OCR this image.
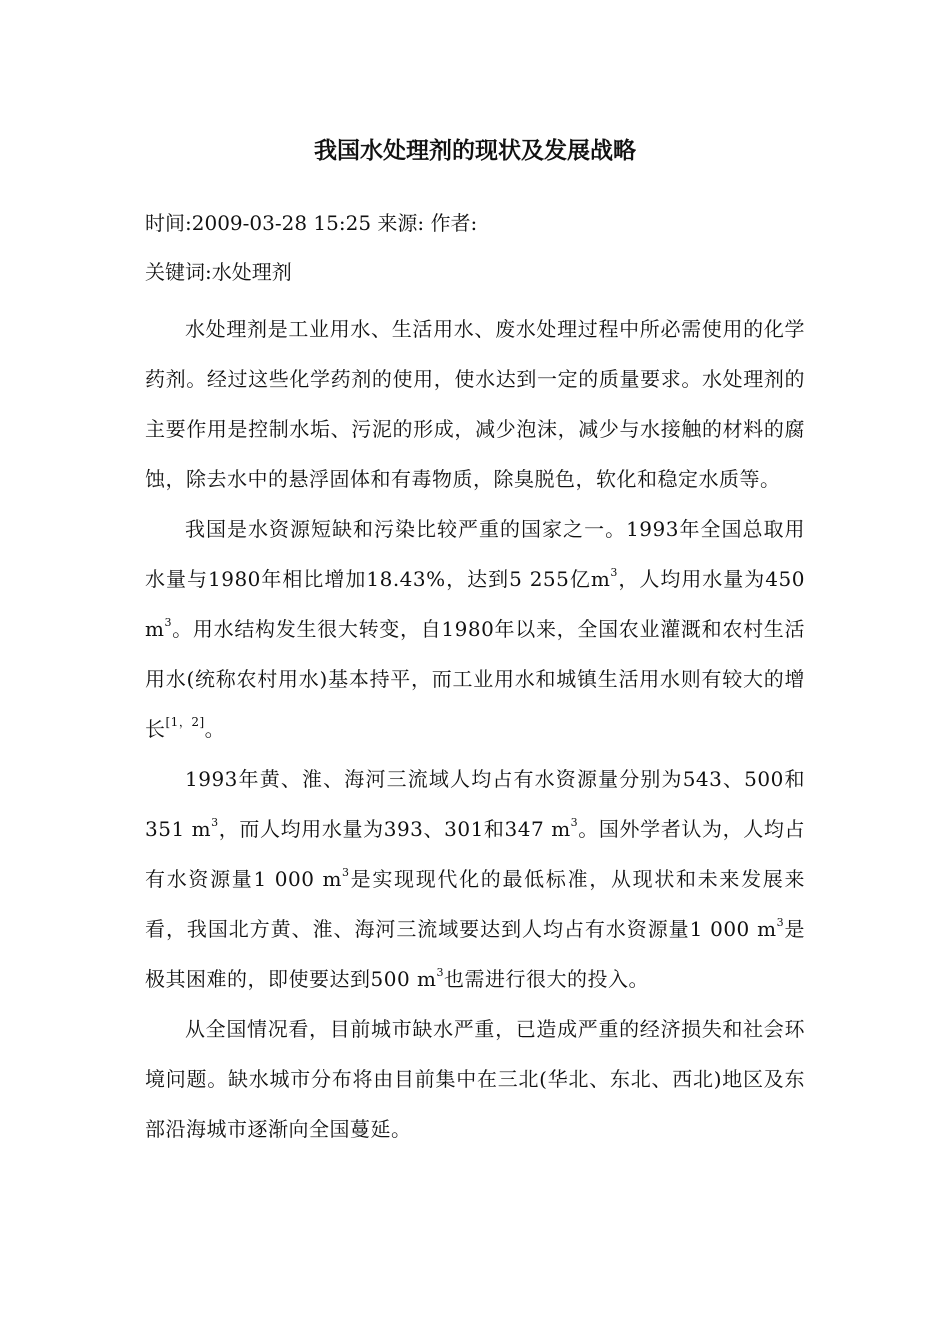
我国水处理剂的现状及发展战略
时间:2009-03-28 15:25 来源: 作者:
关键词:水处理剂

水处理剂是工业用水、生活用水、废水处理过程中所必需使用的化学药剂。经过这些化学药剂的使用，使水达到一定的质量要求。水处理剂的主要作用是控制水垢、污泥的形成，减少泡沫，减少与水接触的材料的腐蚀，除去水中的悬浮固体和有毒物质，除臭脱色，软化和稳定水质等。

我国是水资源短缺和污染比较严重的国家之一。1993年全国总取用水量与1980年相比增加18.43%，达到5 255亿$m^3$，人均用水量为450 $m^3$。用水结构发生很大转变，自1980年以来，全国农业灌溉和农村生活用水(统称农村用水)基本持平，而工业用水和城镇生活用水则有较大的增长[1，2]。

1993年黄、淮、海河三流域人均占有水资源量分别为543、500和351 $m^3$，而人均用水量为393、301和347 $m^3$。国外学者认为，人均占有水资源量1 000 $m^3$是实现现代化的最低标准，从现状和未来发展来看，我国北方黄、淮、海河三流域要达到人均占有水资源量1 000 $m^3$是极其困难的，即使要达到500 $m^3$也需进行很大的投入。

从全国情况看，目前城市缺水严重，已造成严重的经济损失和社会环境问题。缺水城市分布将由目前集中在三北(华北、东北、西北)地区及东部沿海城市逐渐向全国蔓延。
